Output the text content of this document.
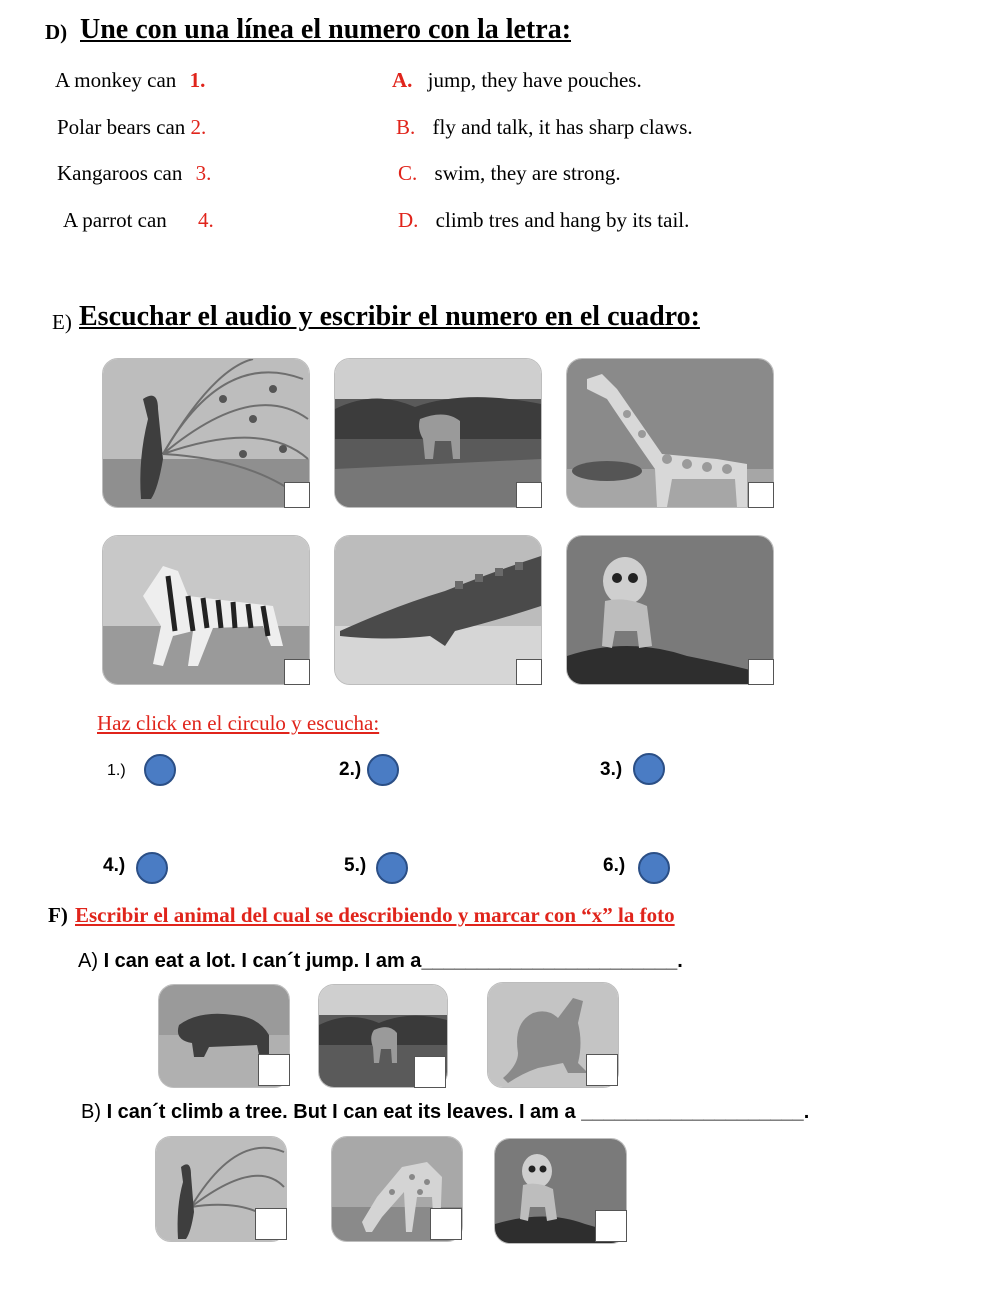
D) Une con una línea el numero con la letra:
A monkey can 1.
Polar bears can 2.
Kangaroos can 3.
A parrot can 4.
A. jump, they have pouches.
B. fly and talk, it has sharp claws.
C. swim, they are strong.
D. climb tres and hang by its tail.
E) Escuchar el audio y escribir el numero en el cuadro:
Haz click en el circulo y escucha:
1.)	2.)	3.)
4.)	5.)	6.)
F) Escribir el animal del cual se describiendo y marcar con “x” la foto
A) I can eat a lot. I can´t jump. I am a_______________________.
B) I can´t climb a tree. But I can eat its leaves. I am a ____________________.
